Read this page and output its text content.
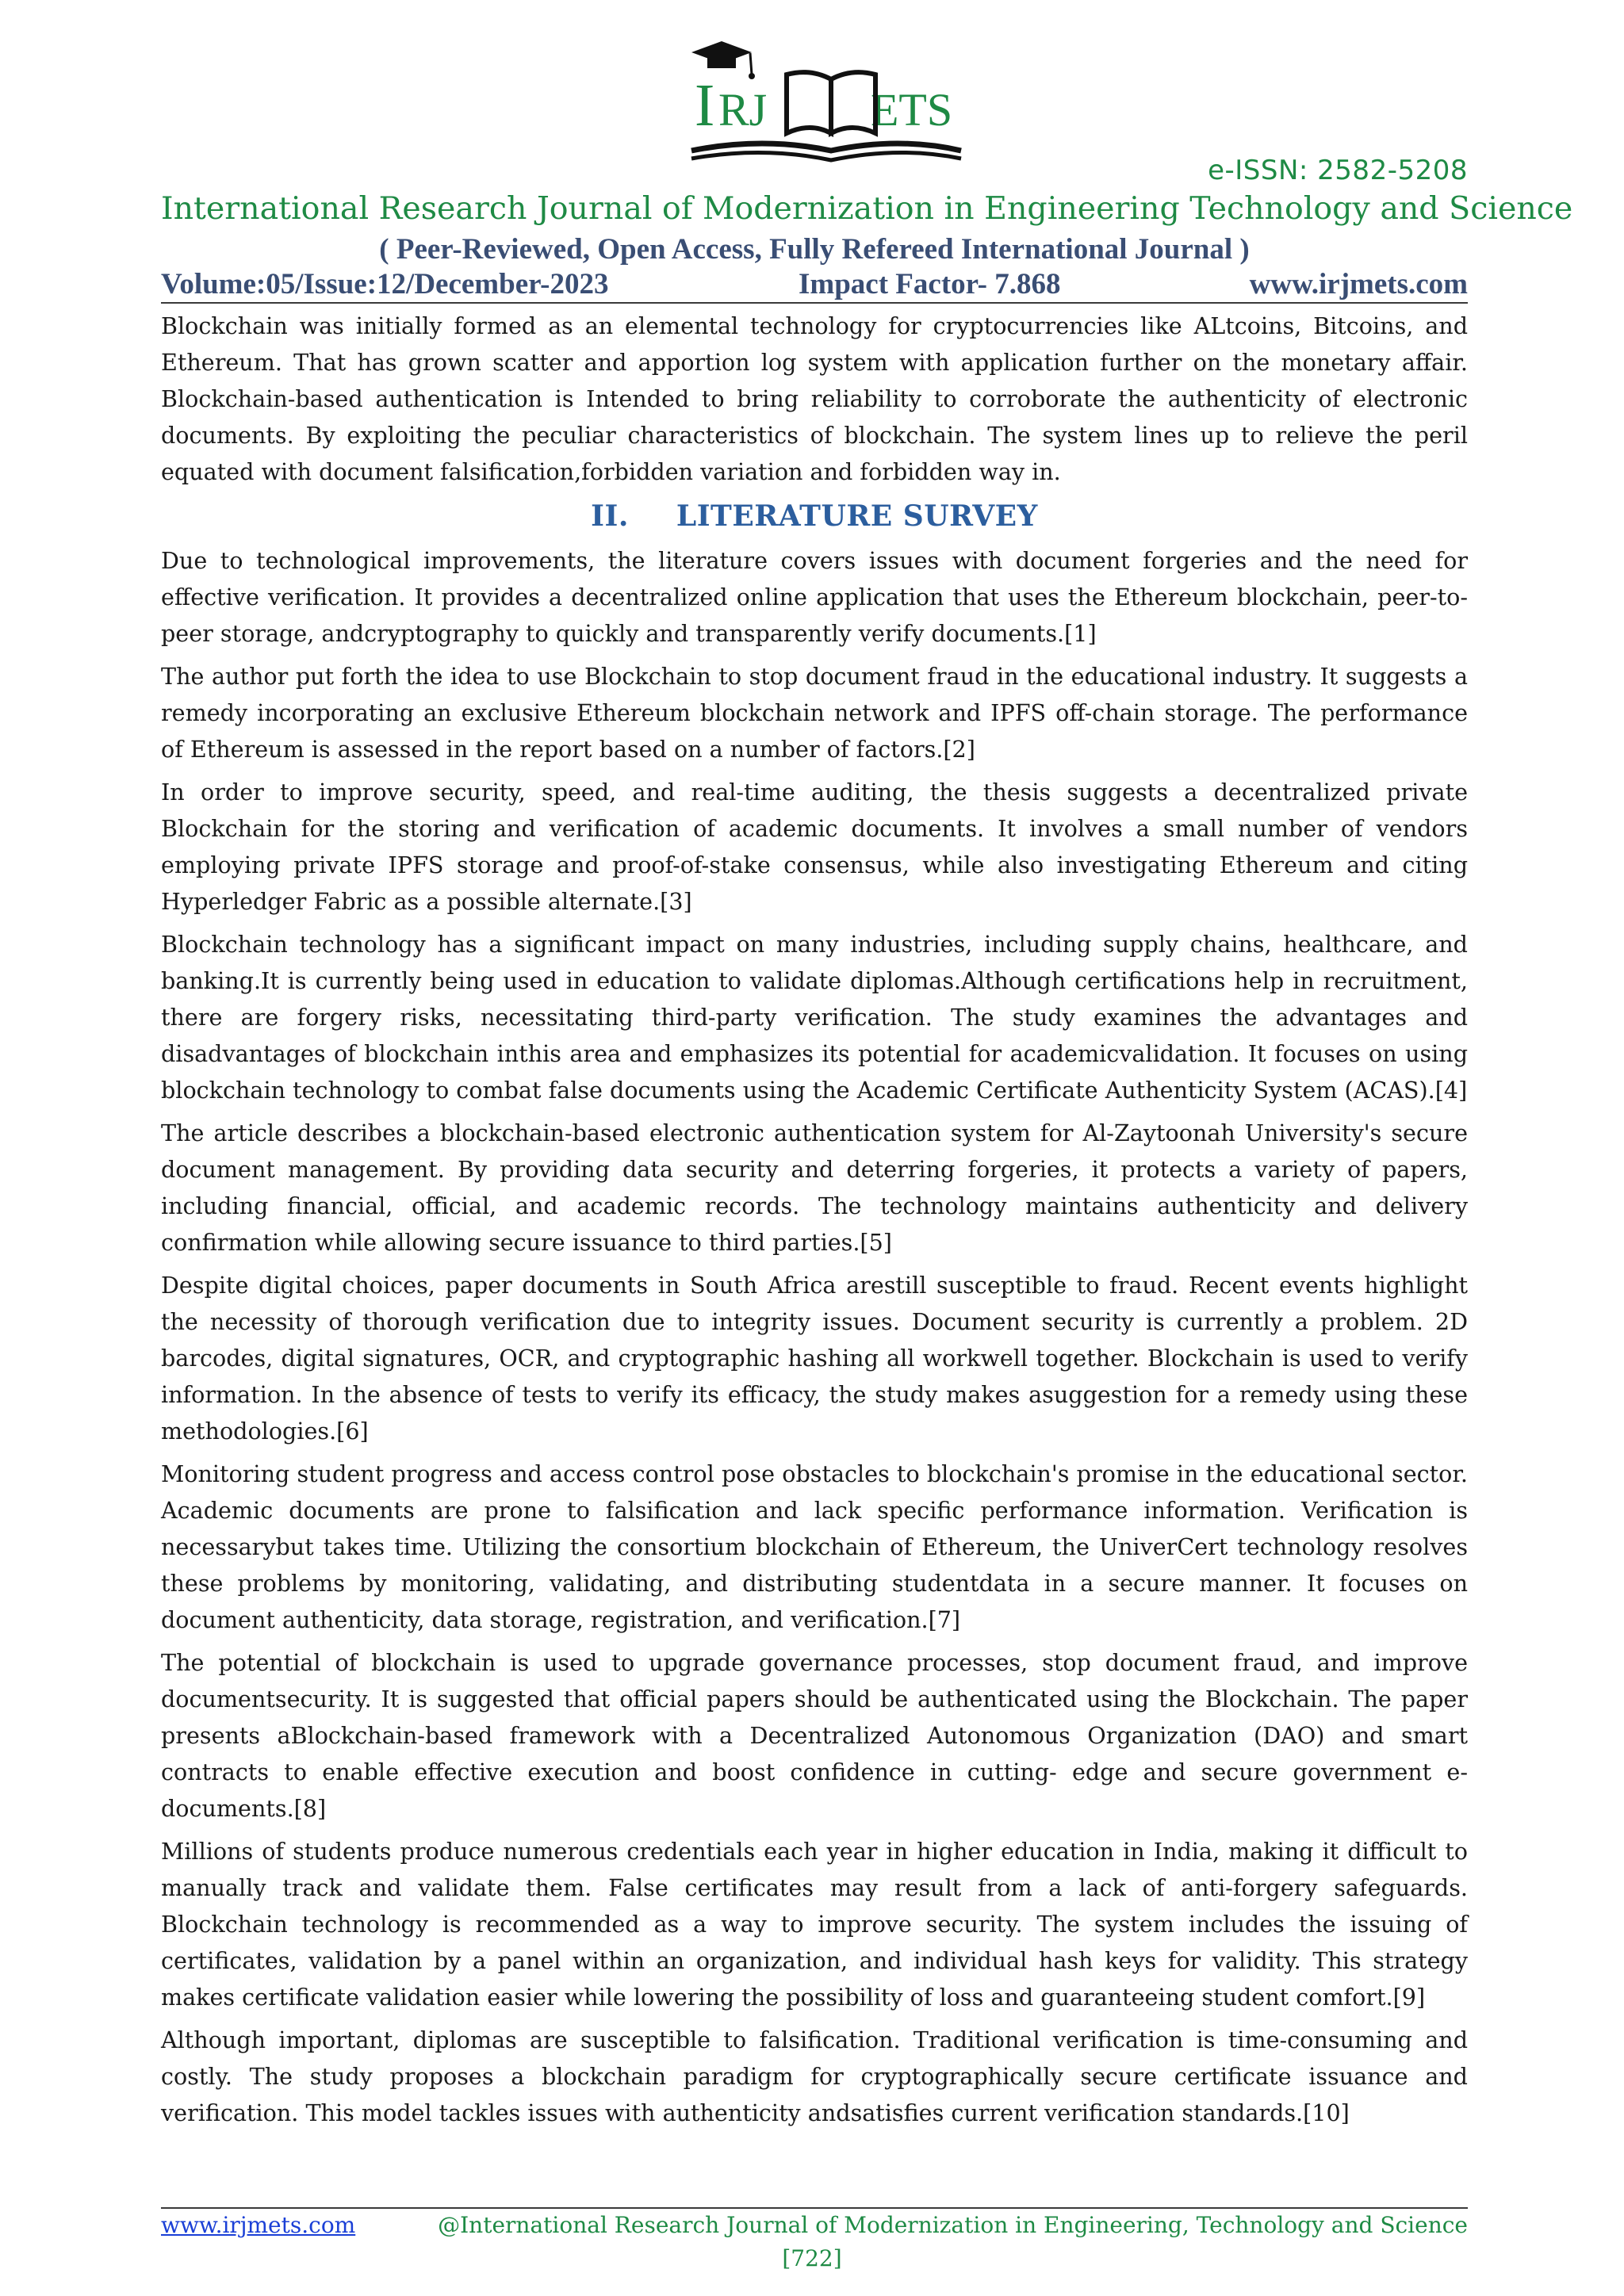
I RJ ETS
e-ISSN: 2582-5208
International Research Journal of Modernization in Engineering Technology and Science
( Peer-Reviewed, Open Access, Fully Refereed International Journal )
Volume:05/Issue:12/December-2023	Impact Factor- 7.868	www.irjmets.com

Blockchain was initially formed as an elemental technology for cryptocurrencies like ALtcoins, Bitcoins, and Ethereum. That has grown scatter and apportion log system with application further on the monetary affair. Blockchain-based authentication is Intended to bring reliability to corroborate the authenticity of electronic documents. By exploiting the peculiar characteristics of blockchain. The system lines up to relieve the peril equated with document falsification,forbidden variation and forbidden way in.

II. LITERATURE SURVEY

Due to technological improvements, the literature covers issues with document forgeries and the need for effective verification. It provides a decentralized online application that uses the Ethereum blockchain, peer-to-peer storage, andcryptography to quickly and transparently verify documents.[1]

The author put forth the idea to use Blockchain to stop document fraud in the educational industry. It suggests a remedy incorporating an exclusive Ethereum blockchain network and IPFS off-chain storage. The performance of Ethereum is assessed in the report based on a number of factors.[2]

In order to improve security, speed, and real-time auditing, the thesis suggests a decentralized private Blockchain for the storing and verification of academic documents. It involves a small number of vendors employing private IPFS storage and proof-of-stake consensus, while also investigating Ethereum and citing Hyperledger Fabric as a possible alternate.[3]

Blockchain technology has a significant impact on many industries, including supply chains, healthcare, and banking.It is currently being used in education to validate diplomas.Although certifications help in recruitment, there are forgery risks, necessitating third-party verification. The study examines the advantages and disadvantages of blockchain inthis area and emphasizes its potential for academicvalidation. It focuses on using blockchain technology to combat false documents using the Academic Certificate Authenticity System (ACAS).[4]

The article describes a blockchain-based electronic authentication system for Al-Zaytoonah University's secure document management. By providing data security and deterring forgeries, it protects a variety of papers, including financial, official, and academic records. The technology maintains authenticity and delivery confirmation while allowing secure issuance to third parties.[5]

Despite digital choices, paper documents in South Africa arestill susceptible to fraud. Recent events highlight the necessity of thorough verification due to integrity issues. Document security is currently a problem. 2D barcodes, digital signatures, OCR, and cryptographic hashing all workwell together. Blockchain is used to verify information. In the absence of tests to verify its efficacy, the study makes asuggestion for a remedy using these methodologies.[6]

Monitoring student progress and access control pose obstacles to blockchain's promise in the educational sector. Academic documents are prone to falsification and lack specific performance information. Verification is necessarybut takes time. Utilizing the consortium blockchain of Ethereum, the UniverCert technology resolves these problems by monitoring, validating, and distributing studentdata in a secure manner. It focuses on document authenticity, data storage, registration, and verification.[7]

The potential of blockchain is used to upgrade governance processes, stop document fraud, and improve documentsecurity. It is suggested that official papers should be authenticated using the Blockchain. The paper presents aBlockchain-based framework with a Decentralized Autonomous Organization (DAO) and smart contracts to enable effective execution and boost confidence in cutting- edge and secure government e-documents.[8]

Millions of students produce numerous credentials each year in higher education in India, making it difficult to manually track and validate them. False certificates may result from a lack of anti-forgery safeguards. Blockchain technology is recommended as a way to improve security. The system includes the issuing of certificates, validation by a panel within an organization, and individual hash keys for validity. This strategy makes certificate validation easier while lowering the possibility of loss and guaranteeing student comfort.[9]

Although important, diplomas are susceptible to falsification. Traditional verification is time-consuming and costly. The study proposes a blockchain paradigm for cryptographically secure certificate issuance and verification. This model tackles issues with authenticity andsatisfies current verification standards.[10]

www.irjmets.com	@International Research Journal of Modernization in Engineering, Technology and Science
[722]
